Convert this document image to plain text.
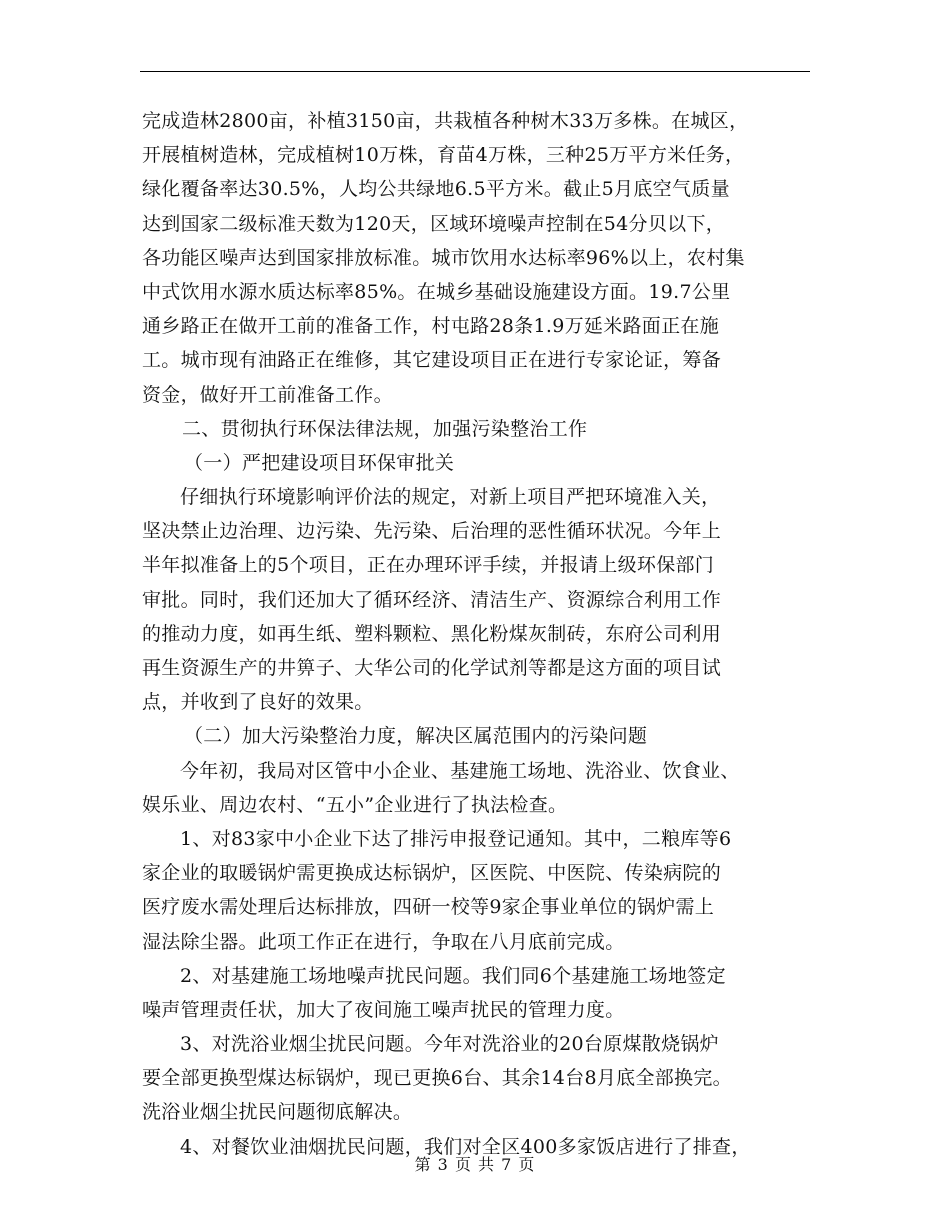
完成造林2800亩，补植3150亩，共栽植各种树木33万多株。在城区，
开展植树造林，完成植树10万株，育苗4万株，三种25万平方米任务，
绿化覆备率达30.5%，人均公共绿地6.5平方米。截止5月底空气质量
达到国家二级标准天数为120天，区域环境噪声控制在54分贝以下，
各功能区噪声达到国家排放标准。城市饮用水达标率96%以上，农村集
中式饮用水源水质达标率85%。在城乡基础设施建设方面。19.7公里
通乡路正在做开工前的准备工作，村屯路28条1.9万延米路面正在施
工。城市现有油路正在维修，其它建设项目正在进行专家论证，筹备
资金，做好开工前准备工作。
二、贯彻执行环保法律法规，加强污染整治工作
（一）严把建设项目环保审批关
仔细执行环境影响评价法的规定，对新上项目严把环境准入关，
坚决禁止边治理、边污染、先污染、后治理的恶性循环状况。今年上
半年拟准备上的5个项目，正在办理环评手续，并报请上级环保部门
审批。同时，我们还加大了循环经济、清洁生产、资源综合利用工作
的推动力度，如再生纸、塑料颗粒、黑化粉煤灰制砖，东府公司利用
再生资源生产的井箅子、大华公司的化学试剂等都是这方面的项目试
点，并收到了良好的效果。
（二）加大污染整治力度，解决区属范围内的污染问题
今年初，我局对区管中小企业、基建施工场地、洗浴业、饮食业、
娱乐业、周边农村、“五小”企业进行了执法检查。
1、对83家中小企业下达了排污申报登记通知。其中，二粮库等6
家企业的取暖锅炉需更换成达标锅炉，区医院、中医院、传染病院的
医疗废水需处理后达标排放，四研一校等9家企事业单位的锅炉需上
湿法除尘器。此项工作正在进行，争取在八月底前完成。
2、对基建施工场地噪声扰民问题。我们同6个基建施工场地签定
噪声管理责任状，加大了夜间施工噪声扰民的管理力度。
3、对洗浴业烟尘扰民问题。今年对洗浴业的20台原煤散烧锅炉
要全部更换型煤达标锅炉，现已更换6台、其余14台8月底全部换完。
洗浴业烟尘扰民问题彻底解决。
4、对餐饮业油烟扰民问题，我们对全区400多家饭店进行了排查，
第 3 页 共 7 页
